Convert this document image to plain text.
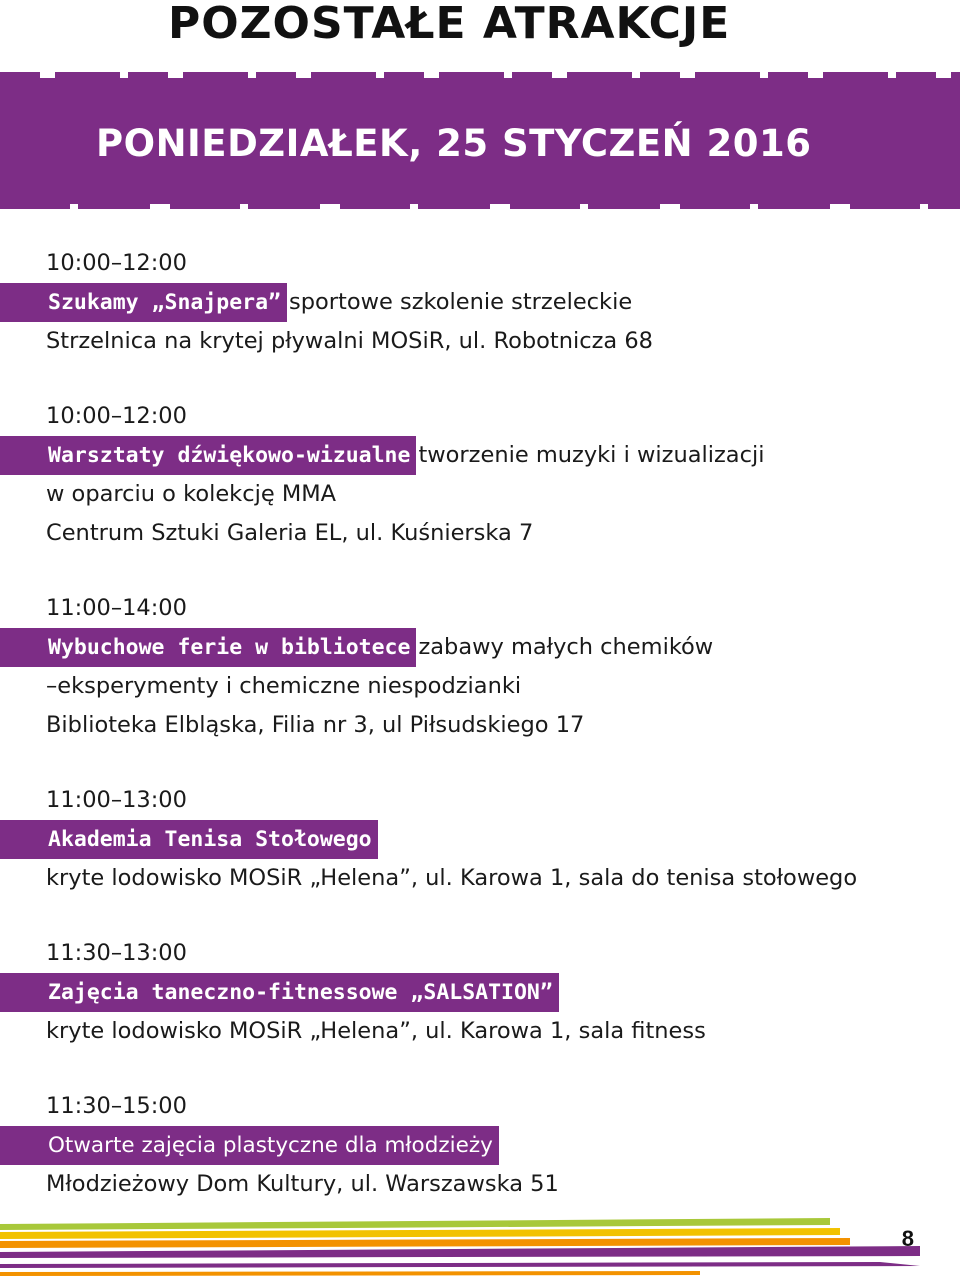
POZOSTAŁE ATRAKCJE
PONIEDZIAŁEK, 25 STYCZEŃ 2016
10:00–12:00
Szukamy „Snajpera” sportowe szkolenie strzeleckie
Strzelnica na krytej pływalni MOSiR, ul. Robotnicza 68
10:00–12:00
Warsztaty dźwiękowo-wizualne tworzenie muzyki i wizualizacji
w oparciu o kolekcję MMA
Centrum Sztuki Galeria EL, ul. Kuśnierska 7
11:00–14:00
Wybuchowe ferie w bibliotece zabawy małych chemików
–eksperymenty i chemiczne niespodzianki
Biblioteka Elbląska, Filia nr 3, ul Piłsudskiego 17
11:00–13:00
Akademia Tenisa Stołowego
kryte lodowisko MOSiR „Helena”, ul. Karowa 1, sala do tenisa stołowego
11:30–13:00
Zajęcia taneczno-fitnessowe „SALSATION”
kryte lodowisko MOSiR „Helena”, ul. Karowa 1, sala fitness
11:30–15:00
Otwarte zajęcia plastyczne dla młodzieży
Młodzieżowy Dom Kultury, ul. Warszawska 51
8
